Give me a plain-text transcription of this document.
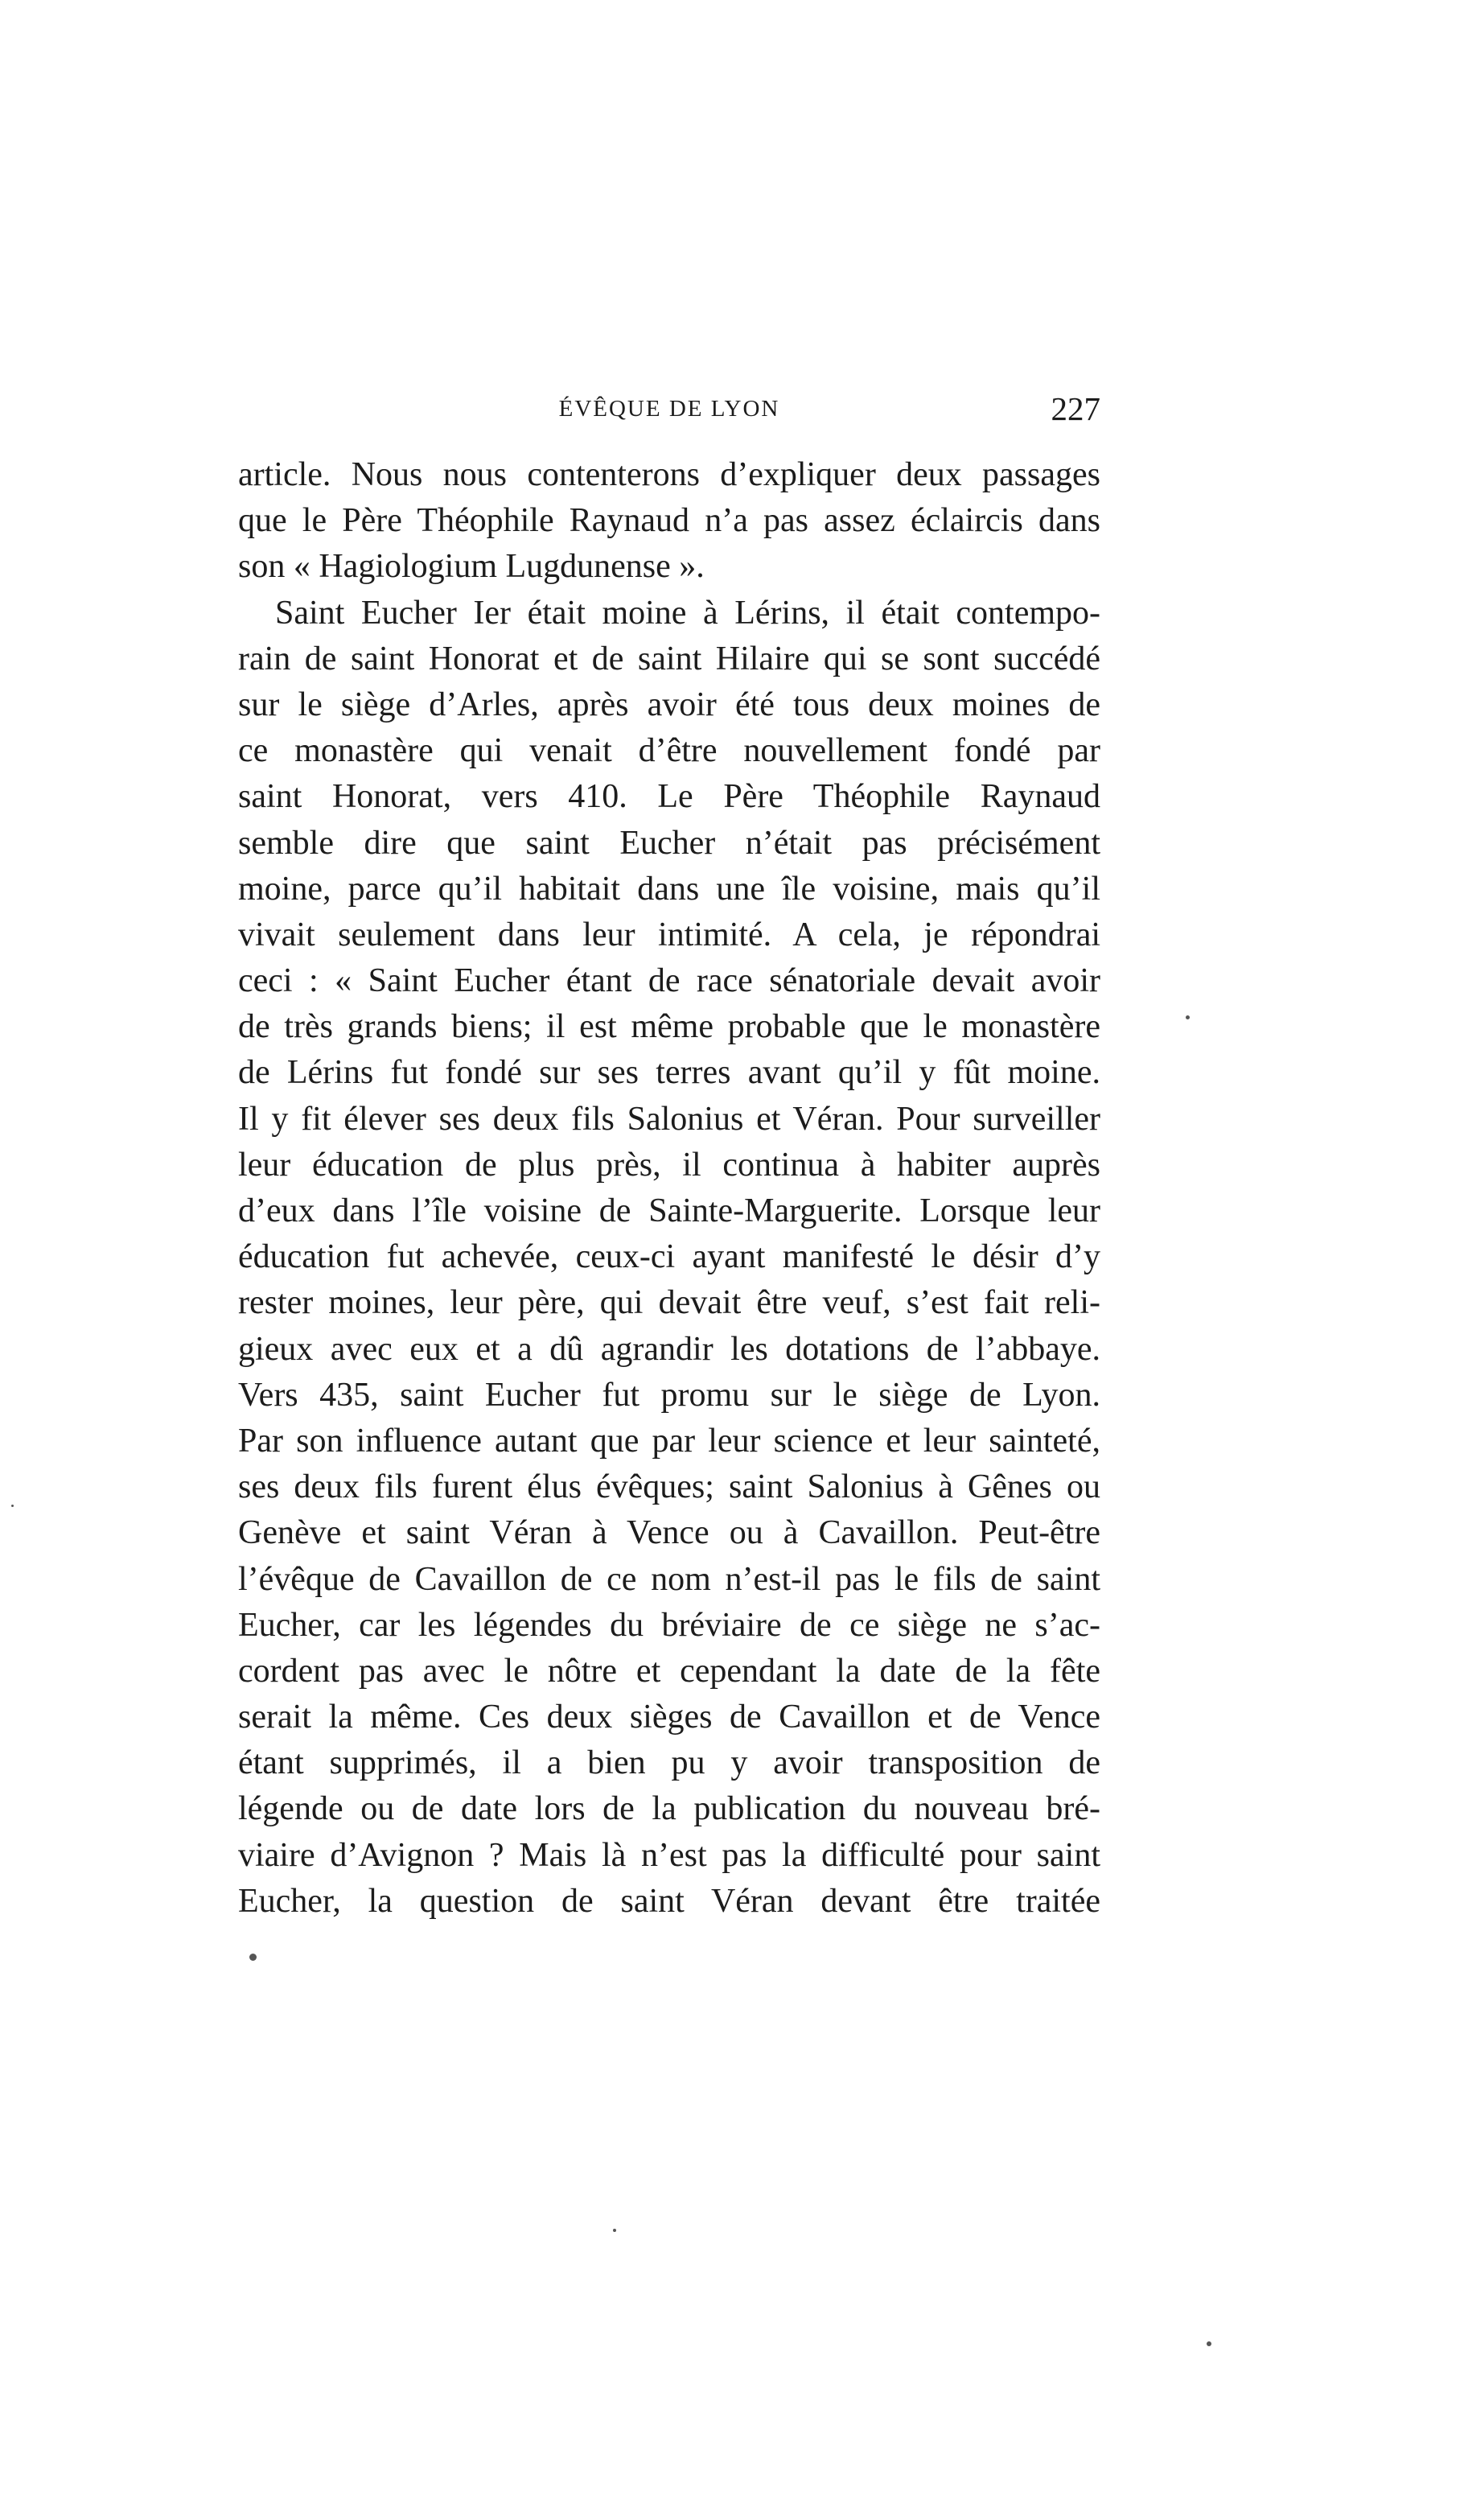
ÉVÊQUE DE LYON	227
article. Nous nous contenterons d’expliquer deux passages
que le Père Théophile Raynaud n’a pas assez éclaircis dans
son « Hagiologium Lugdunense ».
Saint Eucher Ier était moine à Lérins, il était contempo-
rain de saint Honorat et de saint Hilaire qui se sont succédé
sur le siège d’Arles, après avoir été tous deux moines de
ce monastère qui venait d’être nouvellement fondé par
saint Honorat, vers 410. Le Père Théophile Raynaud
semble dire que saint Eucher n’était pas précisément
moine, parce qu’il habitait dans une île voisine, mais qu’il
vivait seulement dans leur intimité. A cela, je répondrai
ceci : « Saint Eucher étant de race sénatoriale devait avoir
de très grands biens; il est même probable que le monastère
de Lérins fut fondé sur ses terres avant qu’il y fût moine.
Il y fit élever ses deux fils Salonius et Véran. Pour surveiller
leur éducation de plus près, il continua à habiter auprès
d’eux dans l’île voisine de Sainte-Marguerite. Lorsque leur
éducation fut achevée, ceux-ci ayant manifesté le désir d’y
rester moines, leur père, qui devait être veuf, s’est fait reli-
gieux avec eux et a dû agrandir les dotations de l’abbaye.
Vers 435, saint Eucher fut promu sur le siège de Lyon.
Par son influence autant que par leur science et leur sainteté,
ses deux fils furent élus évêques; saint Salonius à Gênes ou
Genève et saint Véran à Vence ou à Cavaillon. Peut-être
l’évêque de Cavaillon de ce nom n’est-il pas le fils de saint
Eucher, car les légendes du bréviaire de ce siège ne s’ac-
cordent pas avec le nôtre et cependant la date de la fête
serait la même. Ces deux sièges de Cavaillon et de Vence
étant supprimés, il a bien pu y avoir transposition de
légende ou de date lors de la publication du nouveau bré-
viaire d’Avignon ? Mais là n’est pas la difficulté pour saint
Eucher, la question de saint Véran devant être traitée
